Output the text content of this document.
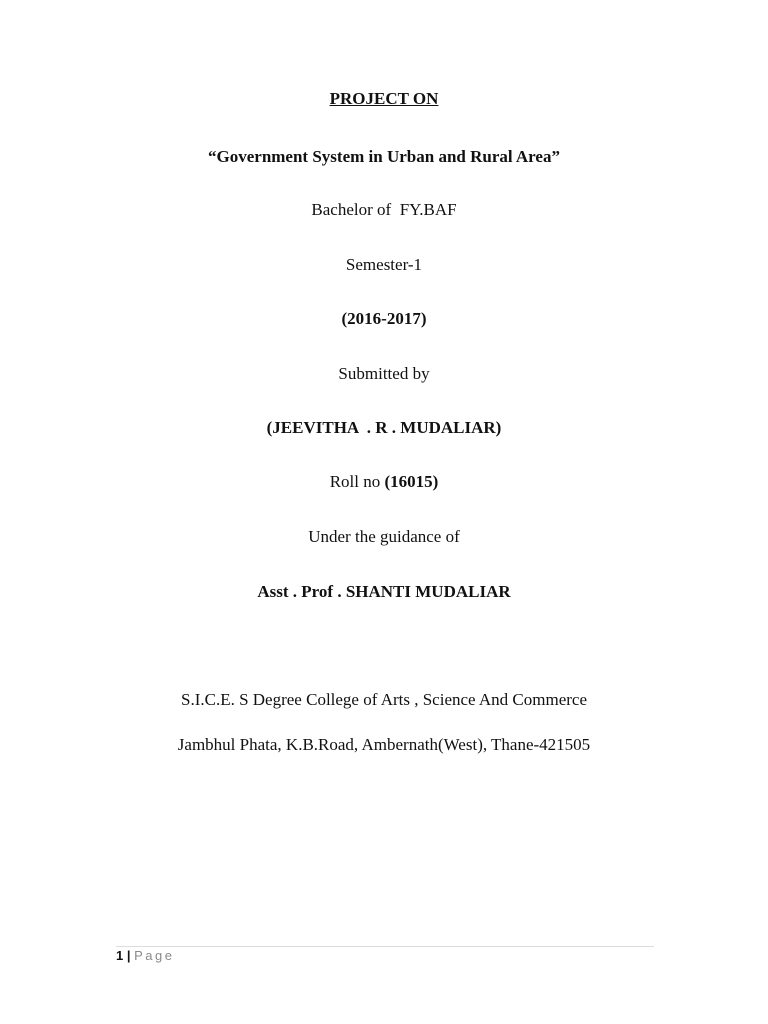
PROJECT ON
“Government System in Urban and Rural Area”
Bachelor of  FY.BAF
Semester-1
(2016-2017)
Submitted by
(JEEVITHA  . R . MUDALIAR)
Roll no (16015)
Under the guidance of
Asst . Prof . SHANTI MUDALIAR
S.I.C.E. S Degree College of Arts , Science And Commerce
Jambhul Phata, K.B.Road, Ambernath(West), Thane-421505
1 | Page
